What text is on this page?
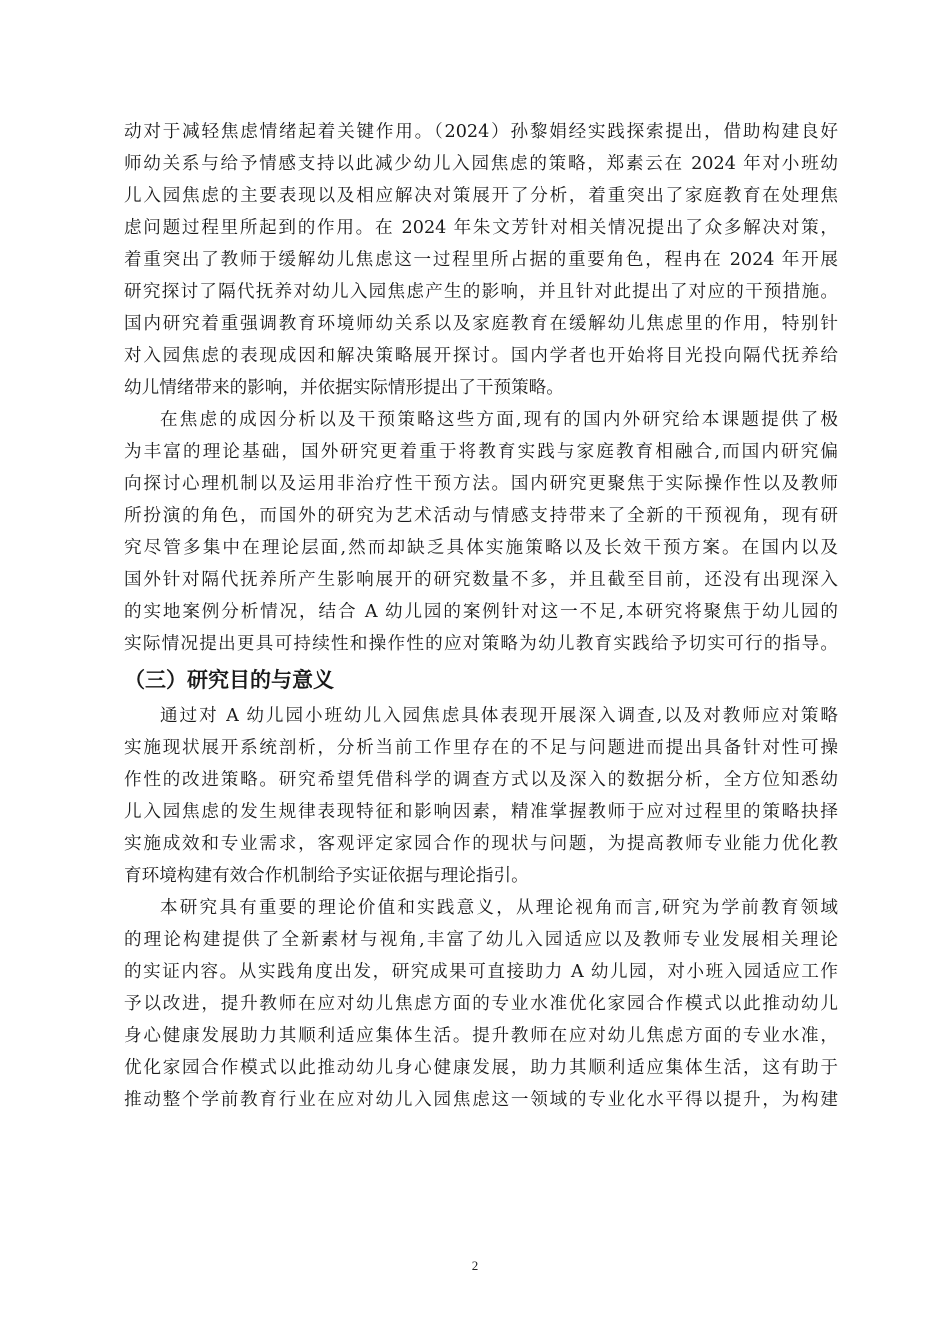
动对于减轻焦虑情绪起着关键作用。（2024）孙黎娟经实践探索提出，借助构建良好
师幼关系与给予情感支持以此减少幼儿入园焦虑的策略，郑素云在 2024 年对小班幼
儿入园焦虑的主要表现以及相应解决对策展开了分析，着重突出了家庭教育在处理焦
虑问题过程里所起到的作用。在 2024 年朱文芳针对相关情况提出了众多解决对策，
着重突出了教师于缓解幼儿焦虑这一过程里所占据的重要角色，程冉在 2024 年开展
研究探讨了隔代抚养对幼儿入园焦虑产生的影响，并且针对此提出了对应的干预措施。
国内研究着重强调教育环境师幼关系以及家庭教育在缓解幼儿焦虑里的作用，特别针
对入园焦虑的表现成因和解决策略展开探讨。国内学者也开始将目光投向隔代抚养给
幼儿情绪带来的影响，并依据实际情形提出了干预策略。
在焦虑的成因分析以及干预策略这些方面,现有的国内外研究给本课题提供了极
为丰富的理论基础，国外研究更着重于将教育实践与家庭教育相融合,而国内研究偏
向探讨心理机制以及运用非治疗性干预方法。国内研究更聚焦于实际操作性以及教师
所扮演的角色，而国外的研究为艺术活动与情感支持带来了全新的干预视角，现有研
究尽管多集中在理论层面,然而却缺乏具体实施策略以及长效干预方案。在国内以及
国外针对隔代抚养所产生影响展开的研究数量不多，并且截至目前，还没有出现深入
的实地案例分析情况，结合 A 幼儿园的案例针对这一不足,本研究将聚焦于幼儿园的
实际情况提出更具可持续性和操作性的应对策略为幼儿教育实践给予切实可行的指导。
（三）研究目的与意义
通过对 A 幼儿园小班幼儿入园焦虑具体表现开展深入调查,以及对教师应对策略
实施现状展开系统剖析，分析当前工作里存在的不足与问题进而提出具备针对性可操
作性的改进策略。研究希望凭借科学的调查方式以及深入的数据分析，全方位知悉幼
儿入园焦虑的发生规律表现特征和影响因素，精准掌握教师于应对过程里的策略抉择
实施成效和专业需求，客观评定家园合作的现状与问题，为提高教师专业能力优化教
育环境构建有效合作机制给予实证依据与理论指引。
本研究具有重要的理论价值和实践意义，从理论视角而言,研究为学前教育领域
的理论构建提供了全新素材与视角,丰富了幼儿入园适应以及教师专业发展相关理论
的实证内容。从实践角度出发，研究成果可直接助力 A 幼儿园，对小班入园适应工作
予以改进，提升教师在应对幼儿焦虑方面的专业水准优化家园合作模式以此推动幼儿
身心健康发展助力其顺利适应集体生活。提升教师在应对幼儿焦虑方面的专业水准，
优化家园合作模式以此推动幼儿身心健康发展，助力其顺利适应集体生活，这有助于
推动整个学前教育行业在应对幼儿入园焦虑这一领域的专业化水平得以提升，为构建
2
